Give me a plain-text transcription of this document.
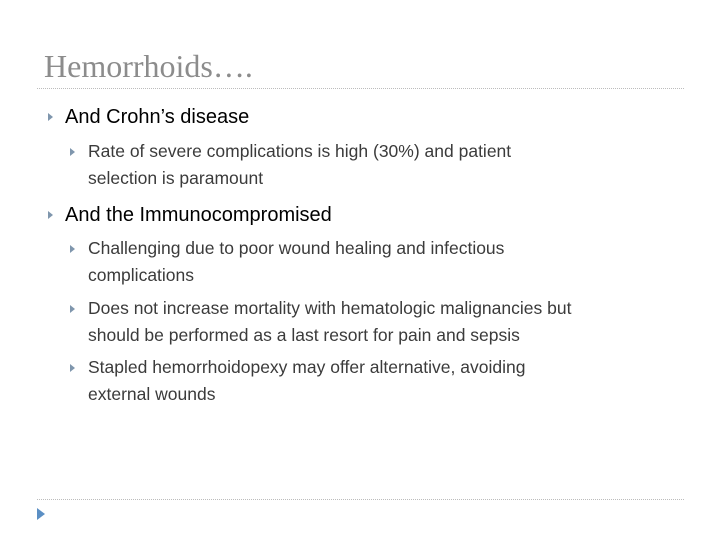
Hemorrhoids….
And Crohn’s disease
Rate of severe complications is high (30%) and patient
selection is paramount
And the Immunocompromised
Challenging due to poor wound healing and infectious
complications
Does not increase mortality with hematologic malignancies but
should be performed as a last resort for pain and sepsis
Stapled hemorrhoidopexy may offer alternative, avoiding
external wounds
